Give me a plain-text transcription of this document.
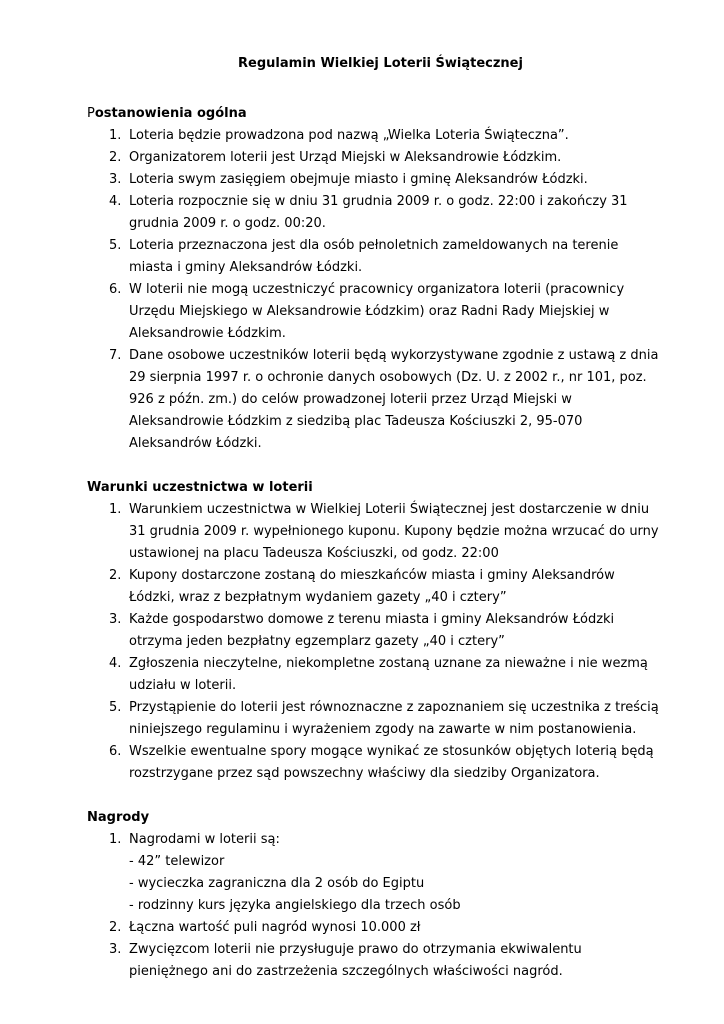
Regulamin Wielkiej Loterii Świątecznej
Postanowienia ogólna
1. Loteria będzie prowadzona pod nazwą „Wielka Loteria Świąteczna”.
2. Organizatorem loterii jest Urząd Miejski w Aleksandrowie Łódzkim.
3. Loteria swym zasięgiem obejmuje miasto i gminę Aleksandrów Łódzki.
4. Loteria rozpocznie się w dniu 31 grudnia 2009 r. o godz. 22:00 i zakończy 31 grudnia 2009 r. o godz. 00:20.
5. Loteria przeznaczona jest dla osób pełnoletnich zameldowanych na terenie miasta i gminy Aleksandrów Łódzki.
6. W loterii nie mogą uczestniczyć pracownicy organizatora loterii (pracownicy Urzędu Miejskiego w Aleksandrowie Łódzkim) oraz Radni Rady Miejskiej w Aleksandrowie Łódzkim.
7. Dane osobowe uczestników loterii będą wykorzystywane zgodnie z ustawą z dnia 29 sierpnia 1997 r. o ochronie danych osobowych (Dz. U. z 2002 r., nr 101, poz. 926 z późn. zm.) do celów prowadzonej loterii przez Urząd Miejski w Aleksandrowie Łódzkim z siedzibą plac Tadeusza Kościuszki 2, 95-070 Aleksandrów Łódzki.
Warunki uczestnictwa w loterii
1. Warunkiem uczestnictwa w Wielkiej Loterii Świątecznej jest dostarczenie w dniu 31 grudnia 2009 r. wypełnionego kuponu. Kupony będzie można wrzucać do urny ustawionej na placu Tadeusza Kościuszki, od godz. 22:00
2. Kupony dostarczone zostaną do mieszkańców miasta i gminy Aleksandrów Łódzki, wraz z bezpłatnym wydaniem gazety „40 i cztery”
3. Każde gospodarstwo domowe z terenu miasta i gminy Aleksandrów Łódzki otrzyma jeden bezpłatny egzemplarz gazety „40 i cztery”
4. Zgłoszenia nieczytelne, niekompletne zostaną uznane za nieważne i nie wezmą udziału w loterii.
5. Przystąpienie do loterii jest równoznaczne z zapoznaniem się uczestnika z treścią niniejszego regulaminu i wyrażeniem zgody na zawarte w nim postanowienia.
6. Wszelkie ewentualne spory mogące wynikać ze stosunków objętych loterią będą rozstrzygane przez sąd powszechny właściwy dla siedziby Organizatora.
Nagrody
1. Nagrodami w loterii są:
- 42” telewizor
- wycieczka zagraniczna dla 2 osób do Egiptu
- rodzinny kurs języka angielskiego dla trzech osób
2. Łączna wartość puli nagród wynosi 10.000 zł
3. Zwycięzcom loterii nie przysługuje prawo do otrzymania ekwiwalentu pieniężnego ani do zastrzeżenia szczególnych właściwości nagród.
